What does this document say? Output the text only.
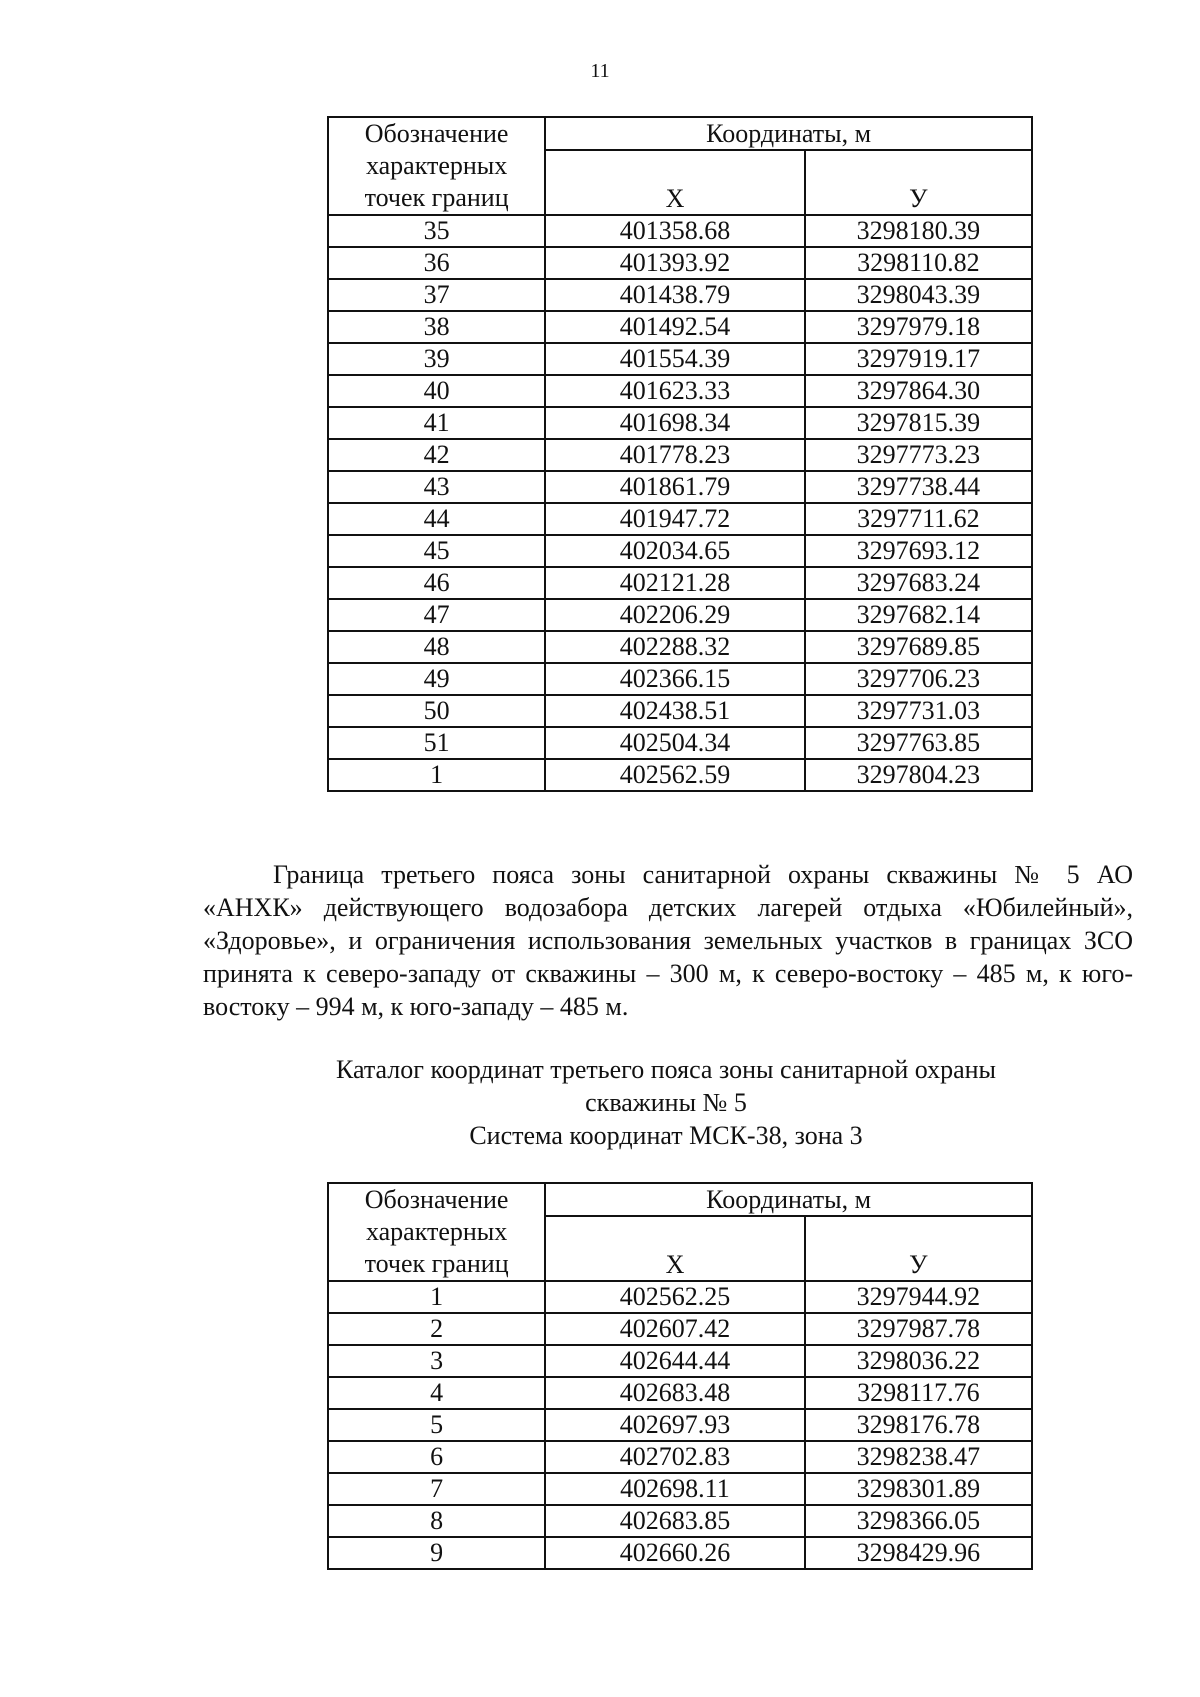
11
Обозначение
характерных
точек границ	Координаты, м	
	Х	У
35	401358.68	3298180.39
36	401393.92	3298110.82
37	401438.79	3298043.39
38	401492.54	3297979.18
39	401554.39	3297919.17
40	401623.33	3297864.30
41	401698.34	3297815.39
42	401778.23	3297773.23
43	401861.79	3297738.44
44	401947.72	3297711.62
45	402034.65	3297693.12
46	402121.28	3297683.24
47	402206.29	3297682.14
48	402288.32	3297689.85
49	402366.15	3297706.23
50	402438.51	3297731.03
51	402504.34	3297763.85
1	402562.59	3297804.23

Граница третьего пояса зоны санитарной охраны скважины № 5 АО «АНХК» действующего водозабора детских лагерей отдыха «Юбилейный», «Здоровье», и ограничения использования земельных участков в границах ЗСО принята к северо-западу от скважины – 300 м, к северо-востоку – 485 м, к юго-востоку – 994 м, к юго-западу – 485 м.

Каталог координат третьего пояса зоны санитарной охраны
скважины № 5
Система координат МСК-38, зона 3
Обозначение
характерных
точек границ	Координаты, м	
	Х	У
1	402562.25	3297944.92
2	402607.42	3297987.78
3	402644.44	3298036.22
4	402683.48	3298117.76
5	402697.93	3298176.78
6	402702.83	3298238.47
7	402698.11	3298301.89
8	402683.85	3298366.05
9	402660.26	3298429.96
